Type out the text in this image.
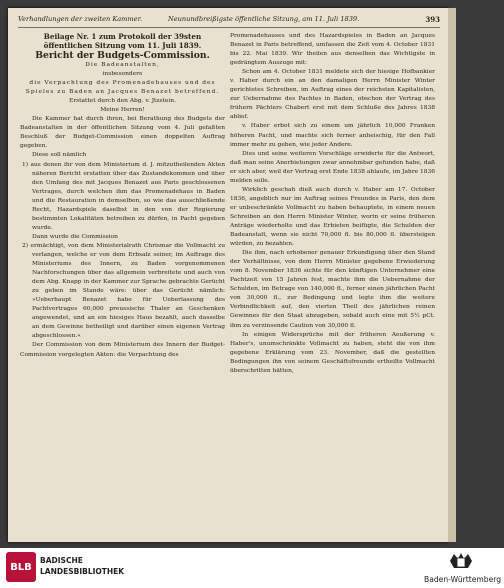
Verhandlungen der zweiten Kammer.	Neunundbreißigste öffentliche Sitzung, am 11. Juli 1839.	393

Beilage Nr. 1 zum Protokoll der 39sten öffentlichen Sitzung vom 11. Juli 1839.

Bericht der Budgets-Commission.

Die Badeanstalten,

insbesondere

die Verpachtung des Promenadehauses und des Spieles zu Baden an Jacques Benazet betreffend.

Erstattet durch den Abg. v. Jtzstein.

Meine Herren!

Die Kammer hat durch ihren, bei Berathung des Budgets der Badeanstalten in der öffentlichen Sitzung vom 4. Juli gefaßten Beschluß der Budget-Commission einen doppelten Auftrag gegeben.

Diese soll nämlich

1) aus denen ihr von dem Ministerium d. J. mitzutheilenden Akten näheren Bericht erstatten über das Zustandekommen und über den Umfang des mit Jacques Benazet aus Paris geschlossenen Vertrages, durch welchen ihm das Promenadehaus in Baden und die Restauration in demselben, so wie das ausschließende Recht, Hazardspiele daselbst in den von der Regierung bestimmten Lokalitäten betreiben zu dürfen, in Pacht gegeben wurde.

Dann wurde die Commission

2) ermächtigt, von dem Ministerialrath Chrismar die Vollmacht zu verlangen, welche er von dem Erbsalz seiner, im Auftrage des Ministeriums des Innern, zu Baden vorgenommenen Nachforschungen über das allgemein verbreitete und auch von dem Abg. Knapp in der Kammer zur Sprache gebrachte Gerücht zu geben im Stande wäre: über das Gerücht nämlich: »Ueberhaupt Benazet habe für Ueberlassung des Pachtvertrages 60,000 preussische Thaler an Geschenken angewendet, und an ein hiesiges Haus bezahlt, auch dasselbe an dem Gewinne betheiligt und darüber einen eigenen Vertrag abgeschlossen.«

Der Commission von dem Ministerium des Innern der Budget-Commission vorgelegten Akten: die Verpachtung des

Promenadehauses und des Hazardspieles in Baden an Jacques Benazet in Paris betreffend, umfassen die Zeit vom 4. October 1831 bis 22. Mai 1839. Wir theilen aus denselben das Wichtigste in gedrängtem Auszuge mit:

Schon am 4. October 1831 meldete sich der hiesige Hofbankier v. Haber durch ein an den damaligen Herrn Minister Winter gerichtetes Schreiben, im Auftrag eines der reichsten Kapitalisten, zur Uebernahme des Pachtes in Baden, obschon der Vertrag des frühern Pächters Chabert erst mit dem Schluße des Jahres 1838 ablief.

v. Haber erbot sich zu einem um jährlich 10,000 Franken höheren Pacht, und machte sich ferner anheischig, für den Fall immer mehr zu geben, wie jeder Andere.

Dies und seine weiteren Vorschläge erwiderte für die Antwort, daß man seine Anerbietungen zwar annehmbar gefunden habe, daß er sich aber, weil der Vertrag erst Ende 1838 ablaufe, im Jahre 1836 melden solle.

Wirklich geschah dieß auch durch v. Haber am 17. October 1836, angeblich nur im Auftrag seines Freundes in Paris, den dem er unbeschränkte Vollmacht zu haben behauptete, in einem neuen Schreiben an den Herrn Minister Winter, worin er seine früheren Anträge wiederholte und das Erbieten beifügte, die Schulden der Badeanstalt, wenn sie nicht 70,000 fl. bis 80,000 fl. übersteigen würden, zu bezahlen.

Die ihm, nach erhobener genauer Erkundigung über den Stand der Verhältnisse, von dem Herrn Minister gegebene Erwiederung vom 8. November 1836 sichte für den künftigen Unternehmer eine Pachtzeit von 15 Jahren fest, machte ihm die Uebernahme der Schulden, im Betrage von 140,000 fl., ferner einen jährlichen Pacht von 30,000 fl., zur Bedingung und legte ihm die weitere Verbindlichkeit auf, den vierten Theil des jährlichen reinen Gewinnes für den Staat abzugeben, sobald auch eine mit 5½ pCt. ihm zu verzinsende Caution von 30,000 fl.

In einigen Widersprüche mit der früheren Aeußerung v. Haber's, unumschränkte Vollmacht zu haben, steht die von ihm gegebene Erklärung vom 23. November, daß die gestellten Bedingungen ihn von seinem Geschäftsfreunde ertheilte Vollmacht überschritten hätten,

BLB
BADISCHE
LANDESBIBLIOTHEK
Baden-Württemberg
